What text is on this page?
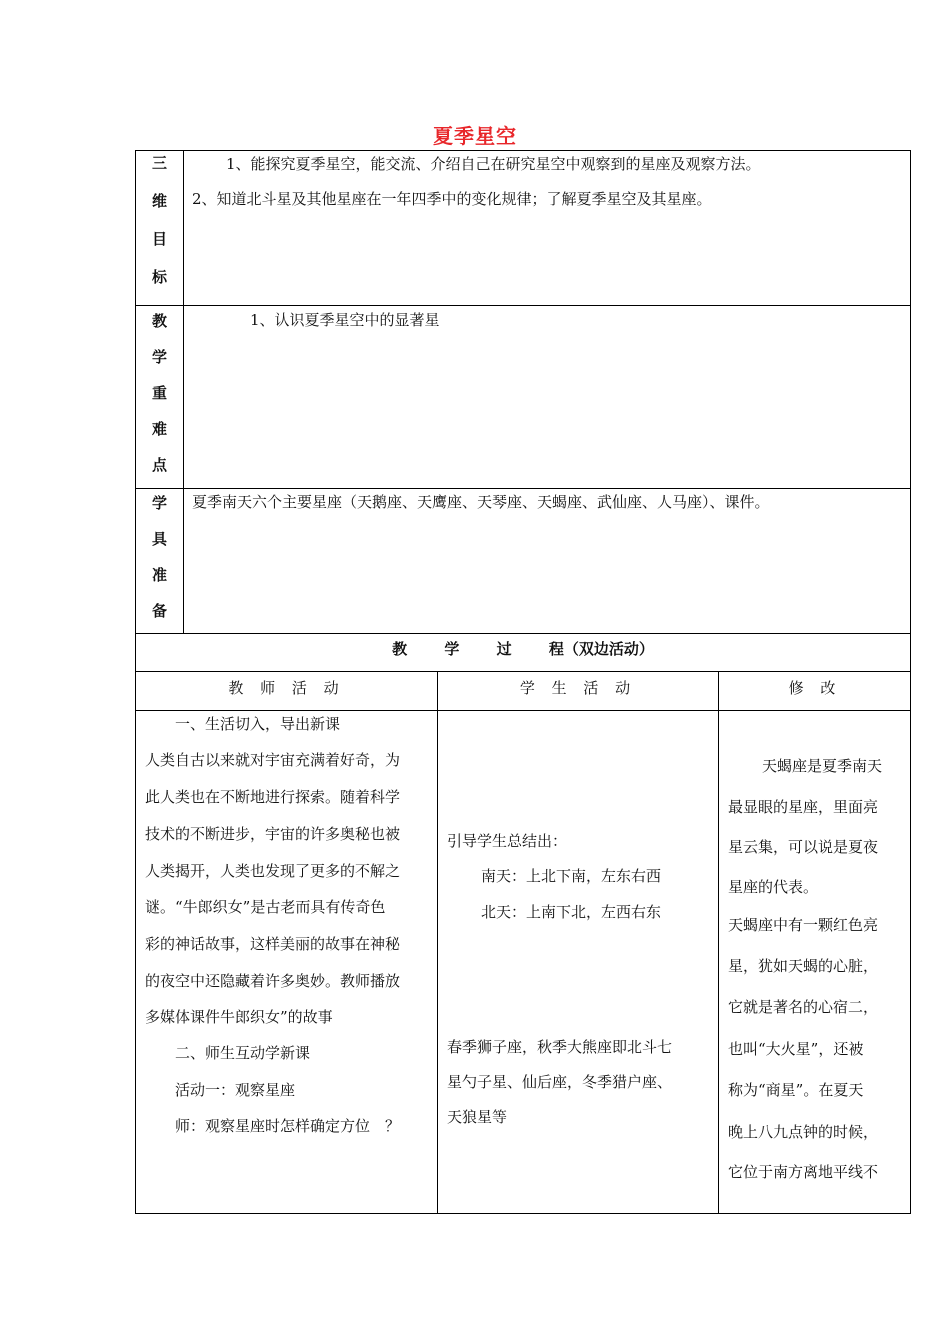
夏季星空
三
维
目
标
1、能探究夏季星空，能交流、介绍自己在研究星空中观察到的星座及观察方法。
2、知道北斗星及其他星座在一年四季中的变化规律；了解夏季星空及其星座。
教
学
重
难
点
1、认识夏季星空中的显著星
学
具
准
备
夏季南天六个主要星座（天鹅座、天鹰座、天琴座、天蝎座、武仙座、人马座）、课件。
教 学 过 程（双边活动）
教 师 活 动	学 生 活 动	修 改

一、生活切入，导出新课

人类自古以来就对宇宙充满着好奇，为

此人类也在不断地进行探索。随着科学

技术的不断进步，宇宙的许多奥秘也被

人类揭开，人类也发现了更多的不解之

谜。“牛郎织女”是古老而具有传奇色

彩的神话故事，这样美丽的故事在神秘

的夜空中还隐藏着许多奥妙。教师播放

多媒体课件牛郎织女”的故事

二、师生互动学新课

活动一：观察星座

师：观察星座时怎样确定方位　？

引导学生总结出：

南天：上北下南，左东右西

北天：上南下北，左西右东

春季狮子座，秋季大熊座即北斗七

星勺子星、仙后座，冬季猎户座、

天狼星等

天蝎座是夏季南天

最显眼的星座，里面亮

星云集，可以说是夏夜

星座的代表。

天蝎座中有一颗红色亮

星，犹如天蝎的心脏，

它就是著名的心宿二，

也叫“大火星”，还被

称为“商星”。在夏天

晚上八九点钟的时候，

它位于南方离地平线不
